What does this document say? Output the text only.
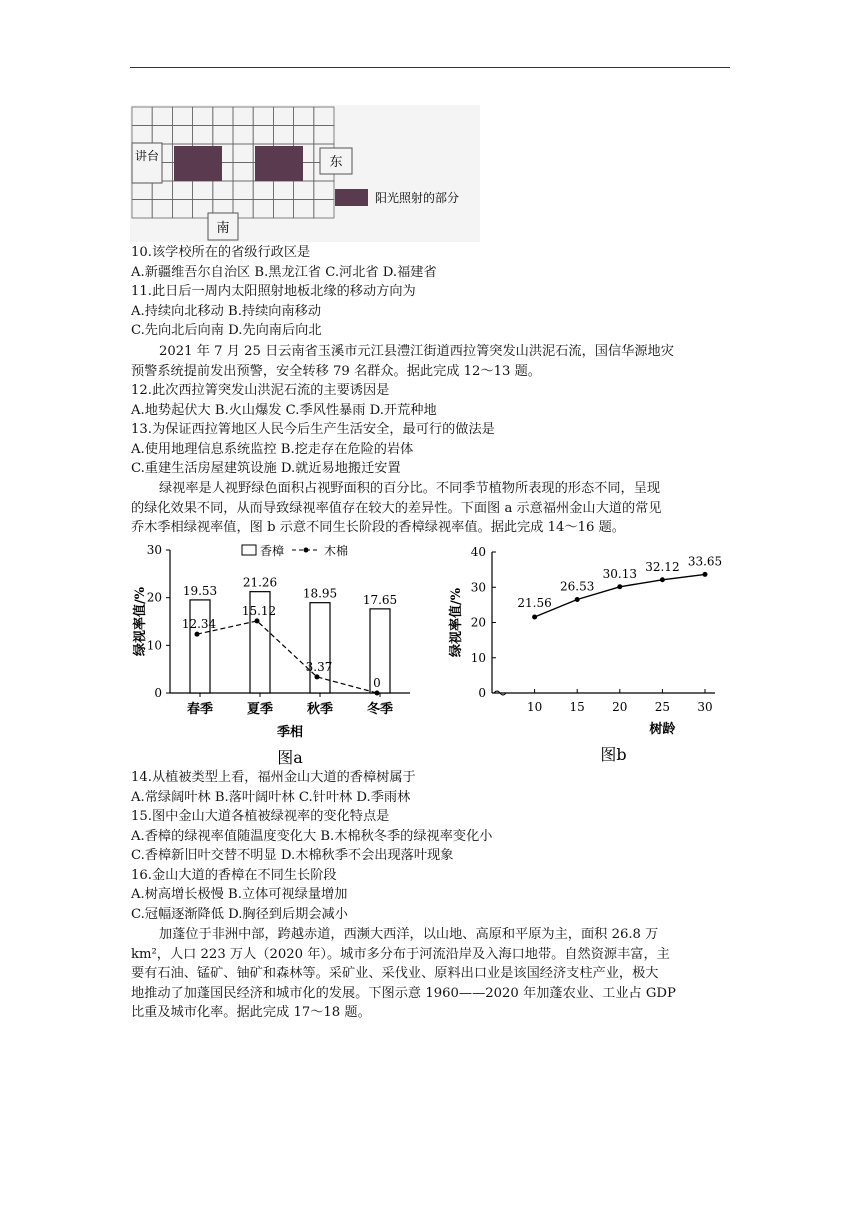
讲台	东
南
阳光照射的部分
10.该学校所在的省级行政区是
A.新疆维吾尔自治区 B.黑龙江省 C.河北省 D.福建省
11.此日后一周内太阳照射地板北缘的移动方向为
A.持续向北移动 B.持续向南移动
C.先向北后向南 D.先向南后向北
2021 年 7 月 25 日云南省玉溪市元江县澧江街道西拉箐突发山洪泥石流，国信华源地灾
预警系统提前发出预警，安全转移 79 名群众。据此完成 12～13 题。
12.此次西拉箐突发山洪泥石流的主要诱因是
A.地势起伏大 B.火山爆发 C.季风性暴雨 D.开荒种地
13.为保证西拉箐地区人民今后生产生活安全，最可行的做法是
A.使用地理信息系统监控 B.挖走存在危险的岩体
C.重建生活房屋建筑设施 D.就近易地搬迁安置
绿视率是人视野绿色面积占视野面积的百分比。不同季节植物所表现的形态不同，呈现
的绿化效果不同，从而导致绿视率值存在较大的差异性。下面图 a 示意福州金山大道的常见
乔木季相绿视率值，图 b 示意不同生长阶段的香樟绿视率值。据此完成 14～16 题。
0
10
20
30
19.53
春季
21.26
夏季
18.95
秋季
17.65
冬季
12.34
15.12
3.37
0
香樟	木棉
绿视率值/%
季相
图a
0
10
20
30
40
10 15 20 25 30
21.56
26.53
30.13
32.12 33.65
绿视率值/%
树龄
图b
14.从植被类型上看，福州金山大道的香樟树属于
A.常绿阔叶林 B.落叶阔叶林 C.针叶林 D.季雨林
15.图中金山大道各植被绿视率的变化特点是
A.香樟的绿视率值随温度变化大 B.木棉秋冬季的绿视率变化小
C.香樟新旧叶交替不明显 D.木棉秋季不会出现落叶现象
16.金山大道的香樟在不同生长阶段
A.树高增长极慢 B.立体可视绿量增加
C.冠幅逐渐降低 D.胸径到后期会减小
加蓬位于非洲中部，跨越赤道，西濒大西洋，以山地、高原和平原为主，面积 26.8 万
km²，人口 223 万人（2020 年）。城市多分布于河流沿岸及入海口地带。自然资源丰富，主
要有石油、锰矿、铀矿和森林等。采矿业、采伐业、原料出口业是该国经济支柱产业，极大
地推动了加蓬国民经济和城市化的发展。下图示意 1960——2020 年加蓬农业、工业占 GDP
比重及城市化率。据此完成 17～18 题。
